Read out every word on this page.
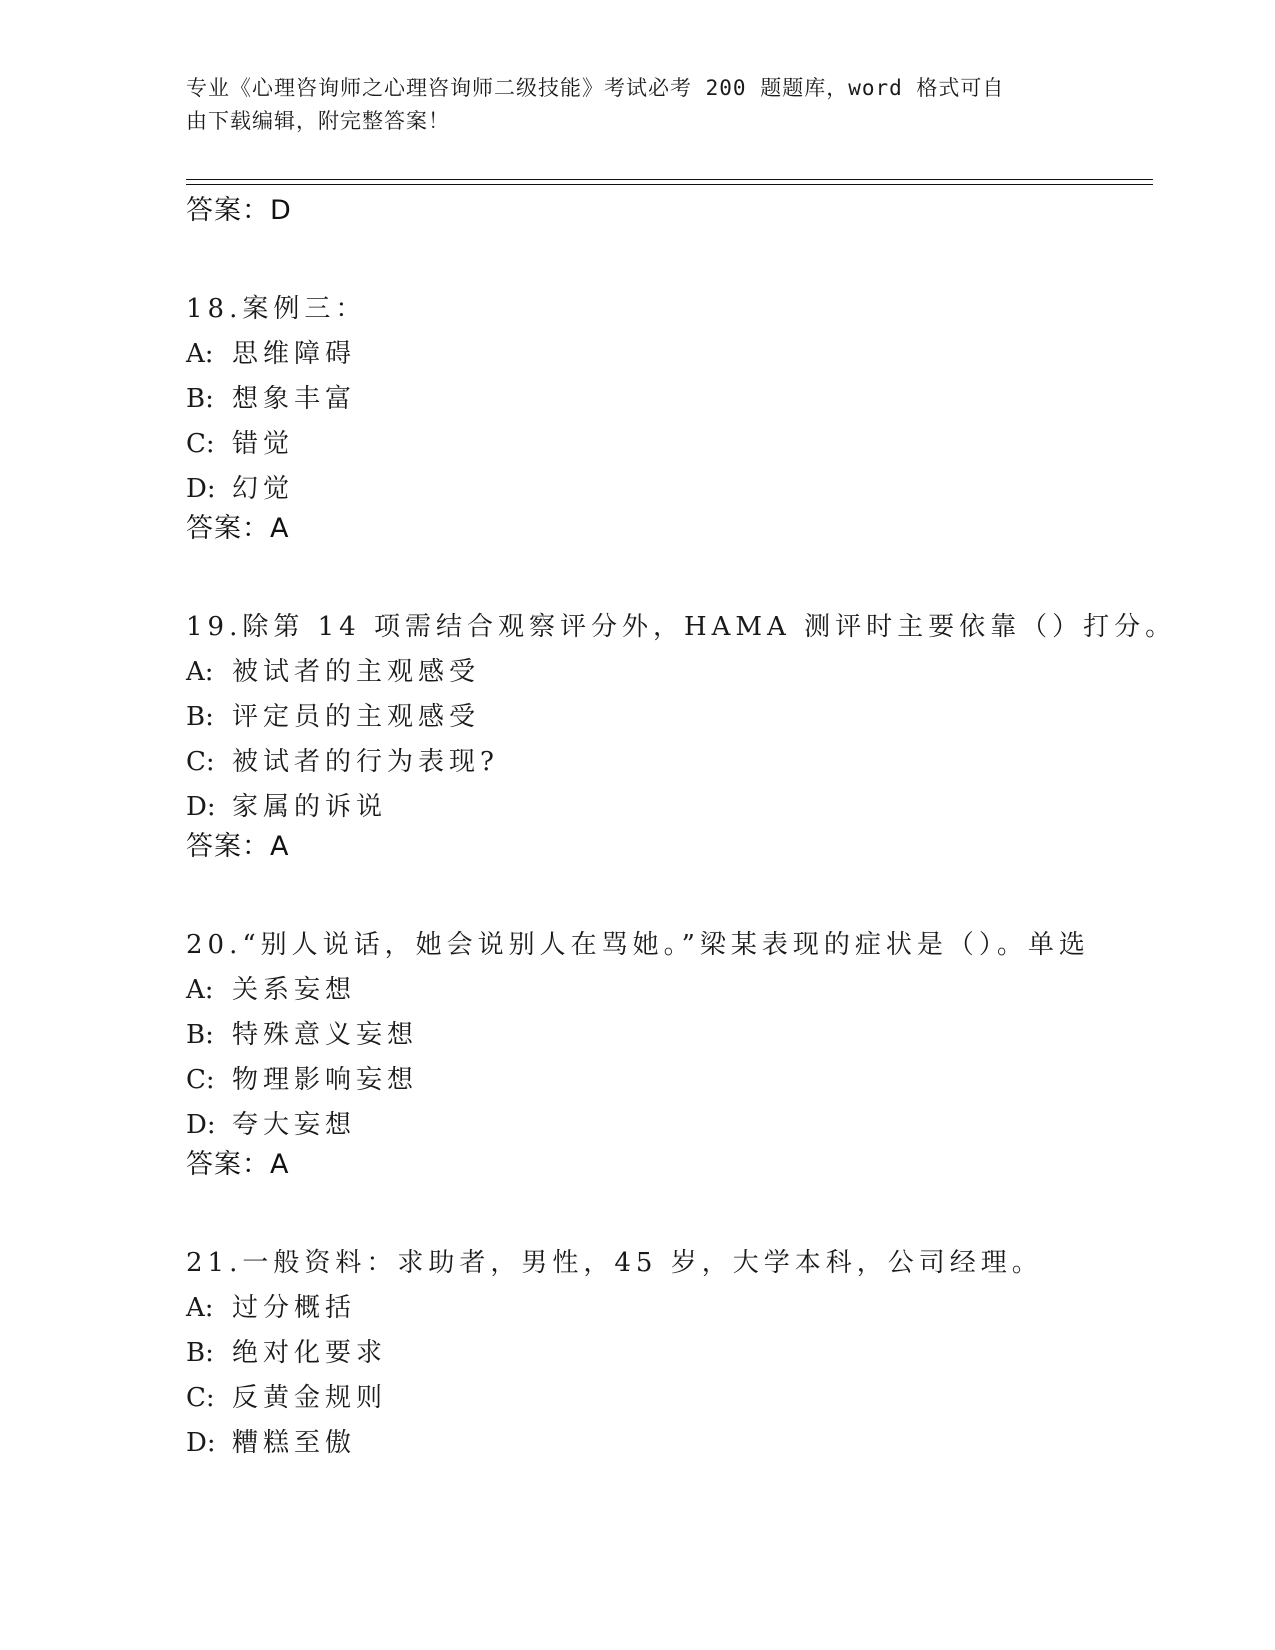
专业《心理咨询师之心理咨询师二级技能》考试必考 200 题题库，word 格式可自
由下载编辑，附完整答案！
答案：D
18.案例三：
A: 思维障碍
B: 想象丰富
C: 错觉
D: 幻觉
答案：A
19.除第 14 项需结合观察评分外，HAMA 测评时主要依靠（）打分。
A: 被试者的主观感受
B: 评定员的主观感受
C: 被试者的行为表现?
D: 家属的诉说
答案：A
20.“别人说话，她会说别人在骂她。”梁某表现的症状是（）。单选
A: 关系妄想
B: 特殊意义妄想
C: 物理影响妄想
D: 夸大妄想
答案：A
21.一般资料：求助者，男性，45 岁，大学本科，公司经理。
A: 过分概括
B: 绝对化要求
C: 反黄金规则
D: 糟糕至傲
